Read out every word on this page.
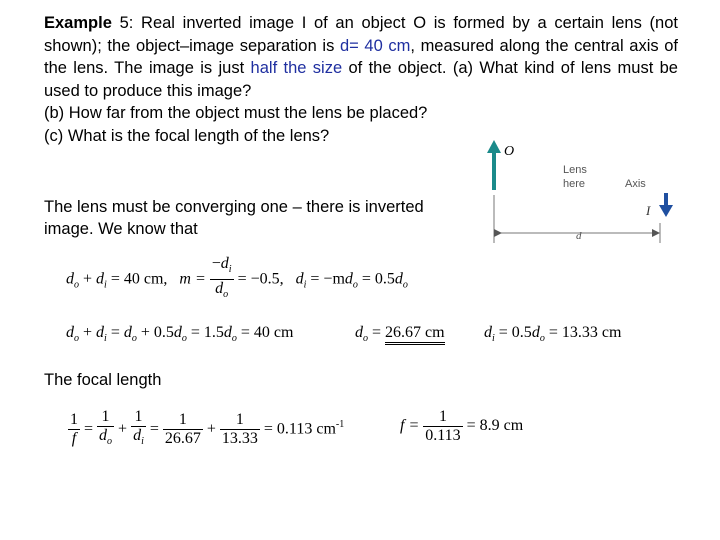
Example 5: Real inverted image I of an object O is formed by a certain lens (not shown); the object–image separation is d= 40 cm, measured along the central axis of the lens. The image is just half the size of the object. (a) What kind of lens must be used to produce this image?

(b) How far from the object must the lens be placed?

(c) What is the focal length of the lens?

The lens must be converging one – there is inverted
image. We know that
O
Lens
here	Axis
I
d
$d_o + d_i = 40$ cm, $m = \frac{-d_i}{d_o} = -0.5$, $d_i = -md_o = 0.5d_o$
$d_o + d_i = d_o + 0.5d_o = 1.5d_o = 40$ cm	$d_o = 26.67$ cm $d_i = 0.5d_o = 13.33$ cm
The focal length
$\frac{1}{f} = \frac{1}{d_o} + \frac{1}{d_i} = \frac{1}{26.67} + \frac{1}{13.33} = 0.113$ $cm^{-1}$	$f = \frac{1}{0.113} = 8.9$ cm
